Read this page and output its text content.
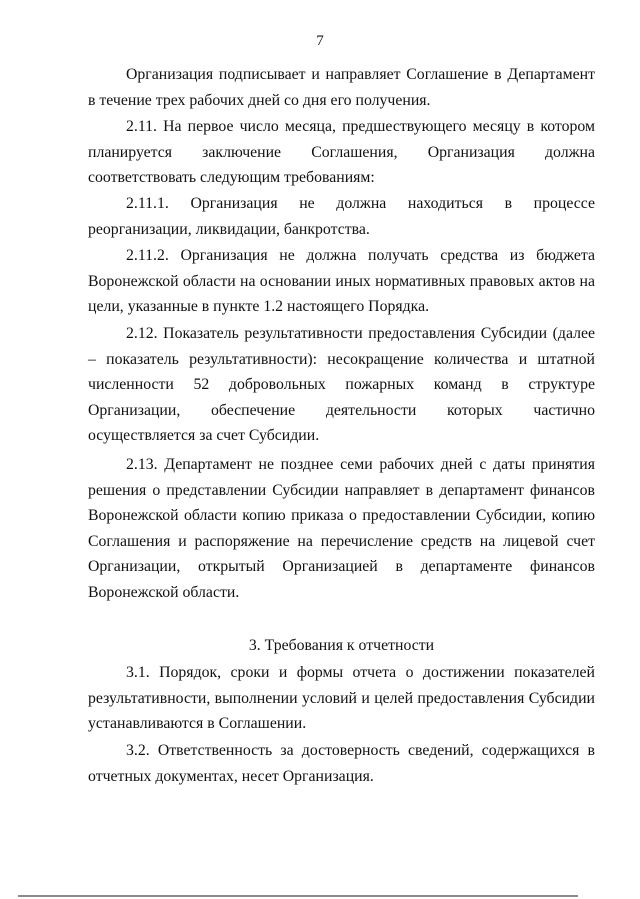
7

Организация подписывает и направляет Соглашение в Департамент в течение трех рабочих дней со дня его получения.

2.11. На первое число месяца, предшествующего месяцу в котором планируется заключение Соглашения, Организация должна соответствовать следующим требованиям:

2.11.1. Организация не должна находиться в процессе реорганизации, ликвидации, банкротства.

2.11.2. Организация не должна получать средства из бюджета Воронежской области на основании иных нормативных правовых актов на цели, указанные в пункте 1.2 настоящего Порядка.

2.12. Показатель результативности предоставления Субсидии (далее – показатель результативности): несокращение количества и штатной численности 52 добровольных пожарных команд в структуре Организации, обеспечение деятельности которых частично осуществляется за счет Субсидии.

2.13. Департамент не позднее семи рабочих дней с даты принятия решения о представлении Субсидии направляет в департамент финансов Воронежской области копию приказа о предоставлении Субсидии, копию Соглашения и распоряжение на перечисление средств на лицевой счет Организации, открытый Организацией в департаменте финансов Воронежской области.

3. Требования к отчетности

3.1. Порядок, сроки и формы отчета о достижении показателей результативности, выполнении условий и целей предоставления Субсидии устанавливаются в Соглашении.

3.2. Ответственность за достоверность сведений, содержащихся в отчетных документах, несет Организация.
